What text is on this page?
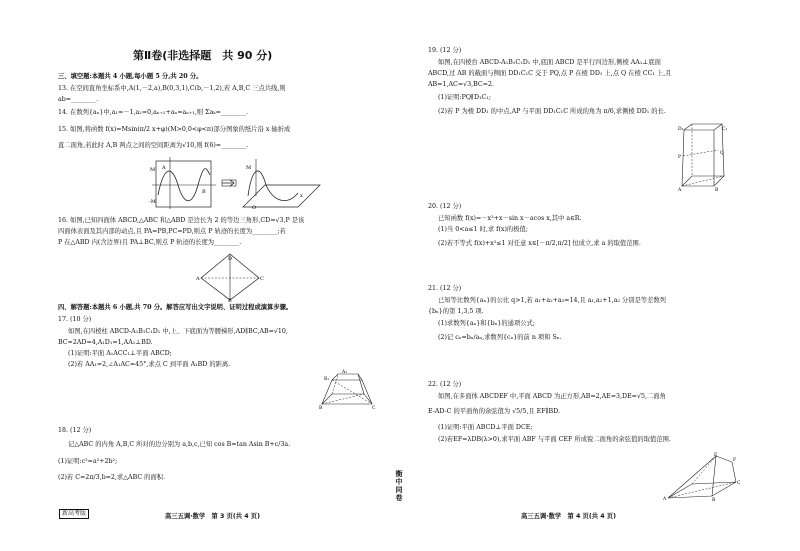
第Ⅱ卷(非选择题　共 90 分)
三、填空题:本题共 4 小题,每小题 5 分,共 20 分。
13. 在空间直角坐标系中,A(1,－2,a),B(0,3,1),C(b,－1,2),若 A,B,C 三点共线,则
ab=________.
14. 在数列{aₙ}中,a₁=－1,a₂=0,aₙ₊₂+aₙ=aₙ₊₁,则 Σaₖ=________.
15. 如图,将函数 f(x)=Msin(π/2 x+φ)(M>0,0<φ<π)部分图象的纸片沿 x 轴折成
直二面角,若此时 A,B 两点之间的空间距离为√10,则 f(6)=________.
M
-M
A
B
M
O
x
16. 如图,已知四面体 ABCD,△ABC 和△ABD 是边长为 2 的等边三角形,CD=√3,P 是该
四面体表面及其内部的动点,且 PA=PB,PC=PD,则点 P 轨迹的长度为________;若
P 在△ABD 内(含边界)且 PA⊥BC,则点 P 轨迹的长度为________.
D
A	C
B
四、解答题:本题共 6 小题,共 70 分。解答应写出文字说明、证明过程或演算步骤。
17. (10 分)
如图,在四棱柱 ABCD-A₁B₁C₁D₁ 中,上、下底面为等腰梯形,AD∥BC,AB=√10,
BC=2AD=4,A₁D₁=1,AA₁⊥BD.
(1)证明:平面 A₁ACC₁⊥平面 ABCD;
(2)若 AA₁=2,∠A₁AC=45°,求点 C 到平面 A₁BD 的距离.
B₁
A₁
B	C
18. (12 分)
记△ABC 的内角 A,B,C 所对的边分别为 a,b,c,已知 cos B=tan Asin B+c/3a.
(1)证明:c²=a²+2b²;
(2)若 C=2π/3,b=2,求△ABC 的面积.
新高考版	高三五调·数学　第 3 页(共 4 页)
19. (12 分)
如图,在四棱台 ABCD-A₁B₁C₁D₁ 中,底面 ABCD 是平行四边形,侧棱 AA₁⊥底面
ABCD,过 AB 的截面与侧面 DD₁C₁C 交于 PQ,点 P 在棱 DD₁ 上,点 Q 在棱 CC₁ 上,且
AB=1,AC=√3,BC=2.
(1)证明:PQ∥D₁C₁;
(2)若 P 为棱 DD₁ 的中点,AP 与平面 DD₁C₁C 所成的角为 π/6,求侧棱 DD₁ 的长.
D₁	C₁
P
Q
A	B
20. (12 分)
已知函数 f(x)=－x²+x－sin x－acos x,其中 a∈R.
(1)当 0<a≤1 时,求 f(x)的极值;
(2)若不等式 f(x)+x²≤1 对任意 x∈[－π/2,π/2] 恒成立,求 a 的取值范围.
21. (12 分)
已知等比数列{aₙ}的公比 q>1,若 a₁+a₂+a₃=14,且 a₁,a₂+1,a₃ 分别是等差数列
{bₙ}的第 1,3,5 项.
(1)求数列{aₙ}和{bₙ}的通项公式;
(2)记 cₙ=bₙ/aₙ,求数列{cₙ}的前 n 项和 Sₙ.
22. (12 分)
如图,在多面体 ABCDEF 中,平面 ABCD 为正方形,AB=2,AE=3,DE=√5,二面角
E-AD-C 的平面角的余弦值为 √5/5,且 EF∥BD.
(1)证明:平面 ABCD⊥平面 DCE;
(2)若EF=λDB(λ>0),求平面 ABF 与平面 CEF 所成锐二面角的余弦值的取值范围.
A	B
C
E
F
衡中同卷
高三五调·数学　第 4 页(共 4 页)
